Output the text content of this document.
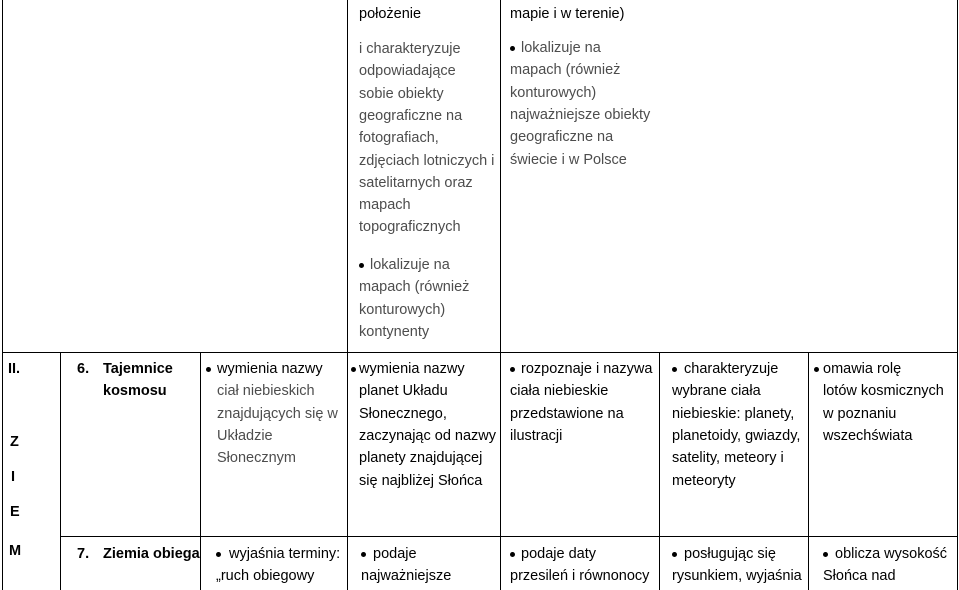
położenie
i charakteryzuje
odpowiadające
sobie obiekty
geograficzne na
fotografiach,
zdjęciach lotniczych i
satelitarnych oraz
mapach
topograficznych
lokalizuje na
mapach (również
konturowych)
kontynenty
mapie i w terenie)
lokalizuje na
mapach (również
konturowych)
najważniejsze obiekty
geograficzne na
świecie i w Polsce
II.
Z
I
E
M
6. Tajemnice
kosmosu
wymienia nazwy
ciał niebieskich
znajdujących się w
Układzie
Słonecznym
wymienia nazwy
planet Układu
Słonecznego,
zaczynając od nazwy
planety znajdującej
się najbliżej Słońca
rozpoznaje i nazywa
ciała niebieskie
przedstawione na
ilustracji
charakteryzuje
wybrane ciała
niebieskie: planety,
planetoidy, gwiazdy,
satelity, meteory i
meteoryty
omawia rolę
lotów kosmicznych
w poznaniu
wszechświata
7. Ziemia obiega wyjaśnia terminy:
„ruch obiegowy
podaje
najważniejsze
podaje daty
przesileń i równonocy
posługując się
rysunkiem, wyjaśnia
oblicza wysokość
Słońca nad
